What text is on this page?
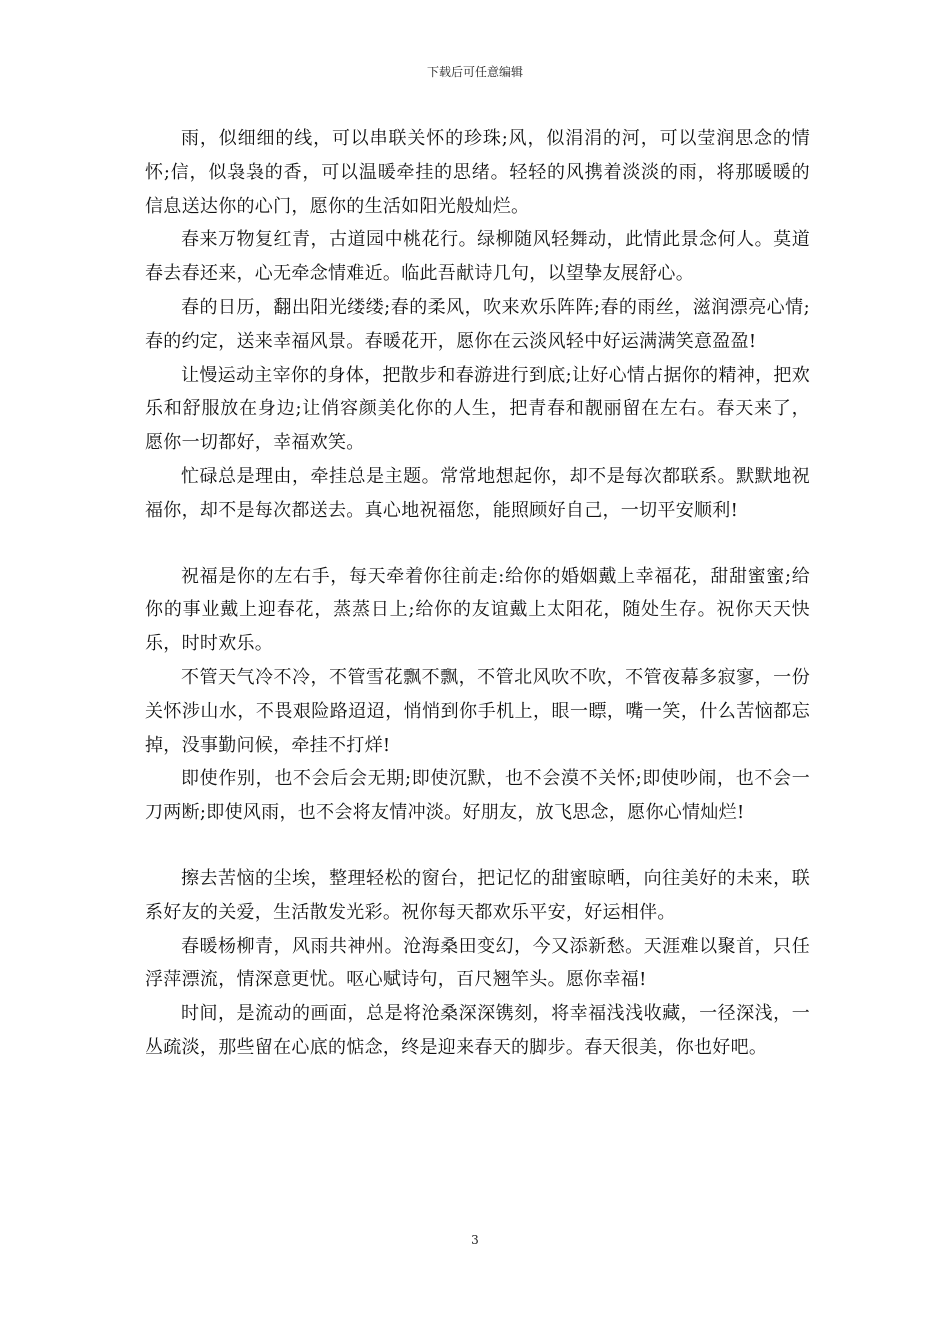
下载后可任意编辑

雨，似细细的线，可以串联关怀的珍珠;风，似涓涓的河，可以莹润思念的情怀;信，似袅袅的香，可以温暖牵挂的思绪。轻轻的风携着淡淡的雨，将那暖暖的信息送达你的心门，愿你的生活如阳光般灿烂。

春来万物复红青，古道园中桃花行。绿柳随风轻舞动，此情此景念何人。莫道春去春还来，心无牵念情难近。临此吾献诗几句，以望挚友展舒心。

春的日历，翻出阳光缕缕;春的柔风，吹来欢乐阵阵;春的雨丝，滋润漂亮心情;春的约定，送来幸福风景。春暖花开，愿你在云淡风轻中好运满满笑意盈盈!

让慢运动主宰你的身体，把散步和春游进行到底;让好心情占据你的精神，把欢乐和舒服放在身边;让俏容颜美化你的人生，把青春和靓丽留在左右。春天来了，愿你一切都好，幸福欢笑。

忙碌总是理由，牵挂总是主题。常常地想起你，却不是每次都联系。默默地祝福你，却不是每次都送去。真心地祝福您，能照顾好自己，一切平安顺利!

祝福是你的左右手，每天牵着你往前走:给你的婚姻戴上幸福花，甜甜蜜蜜;给你的事业戴上迎春花，蒸蒸日上;给你的友谊戴上太阳花，随处生存。祝你天天快乐，时时欢乐。

不管天气冷不冷，不管雪花飘不飘，不管北风吹不吹，不管夜幕多寂寥，一份关怀涉山水，不畏艰险路迢迢，悄悄到你手机上，眼一瞟，嘴一笑，什么苦恼都忘掉，没事勤问候，牵挂不打烊!

即使作别，也不会后会无期;即使沉默，也不会漠不关怀;即使吵闹，也不会一刀两断;即使风雨，也不会将友情冲淡。好朋友，放飞思念，愿你心情灿烂!

擦去苦恼的尘埃，整理轻松的窗台，把记忆的甜蜜晾晒，向往美好的未来，联系好友的关爱，生活散发光彩。祝你每天都欢乐平安，好运相伴。

春暖杨柳青，风雨共神州。沧海桑田变幻，今又添新愁。天涯难以聚首，只任浮萍漂流，情深意更忧。呕心赋诗句，百尺翘竿头。愿你幸福!

时间，是流动的画面，总是将沧桑深深镌刻，将幸福浅浅收藏，一径深浅，一丛疏淡，那些留在心底的惦念，终是迎来春天的脚步。春天很美，你也好吧。

3
